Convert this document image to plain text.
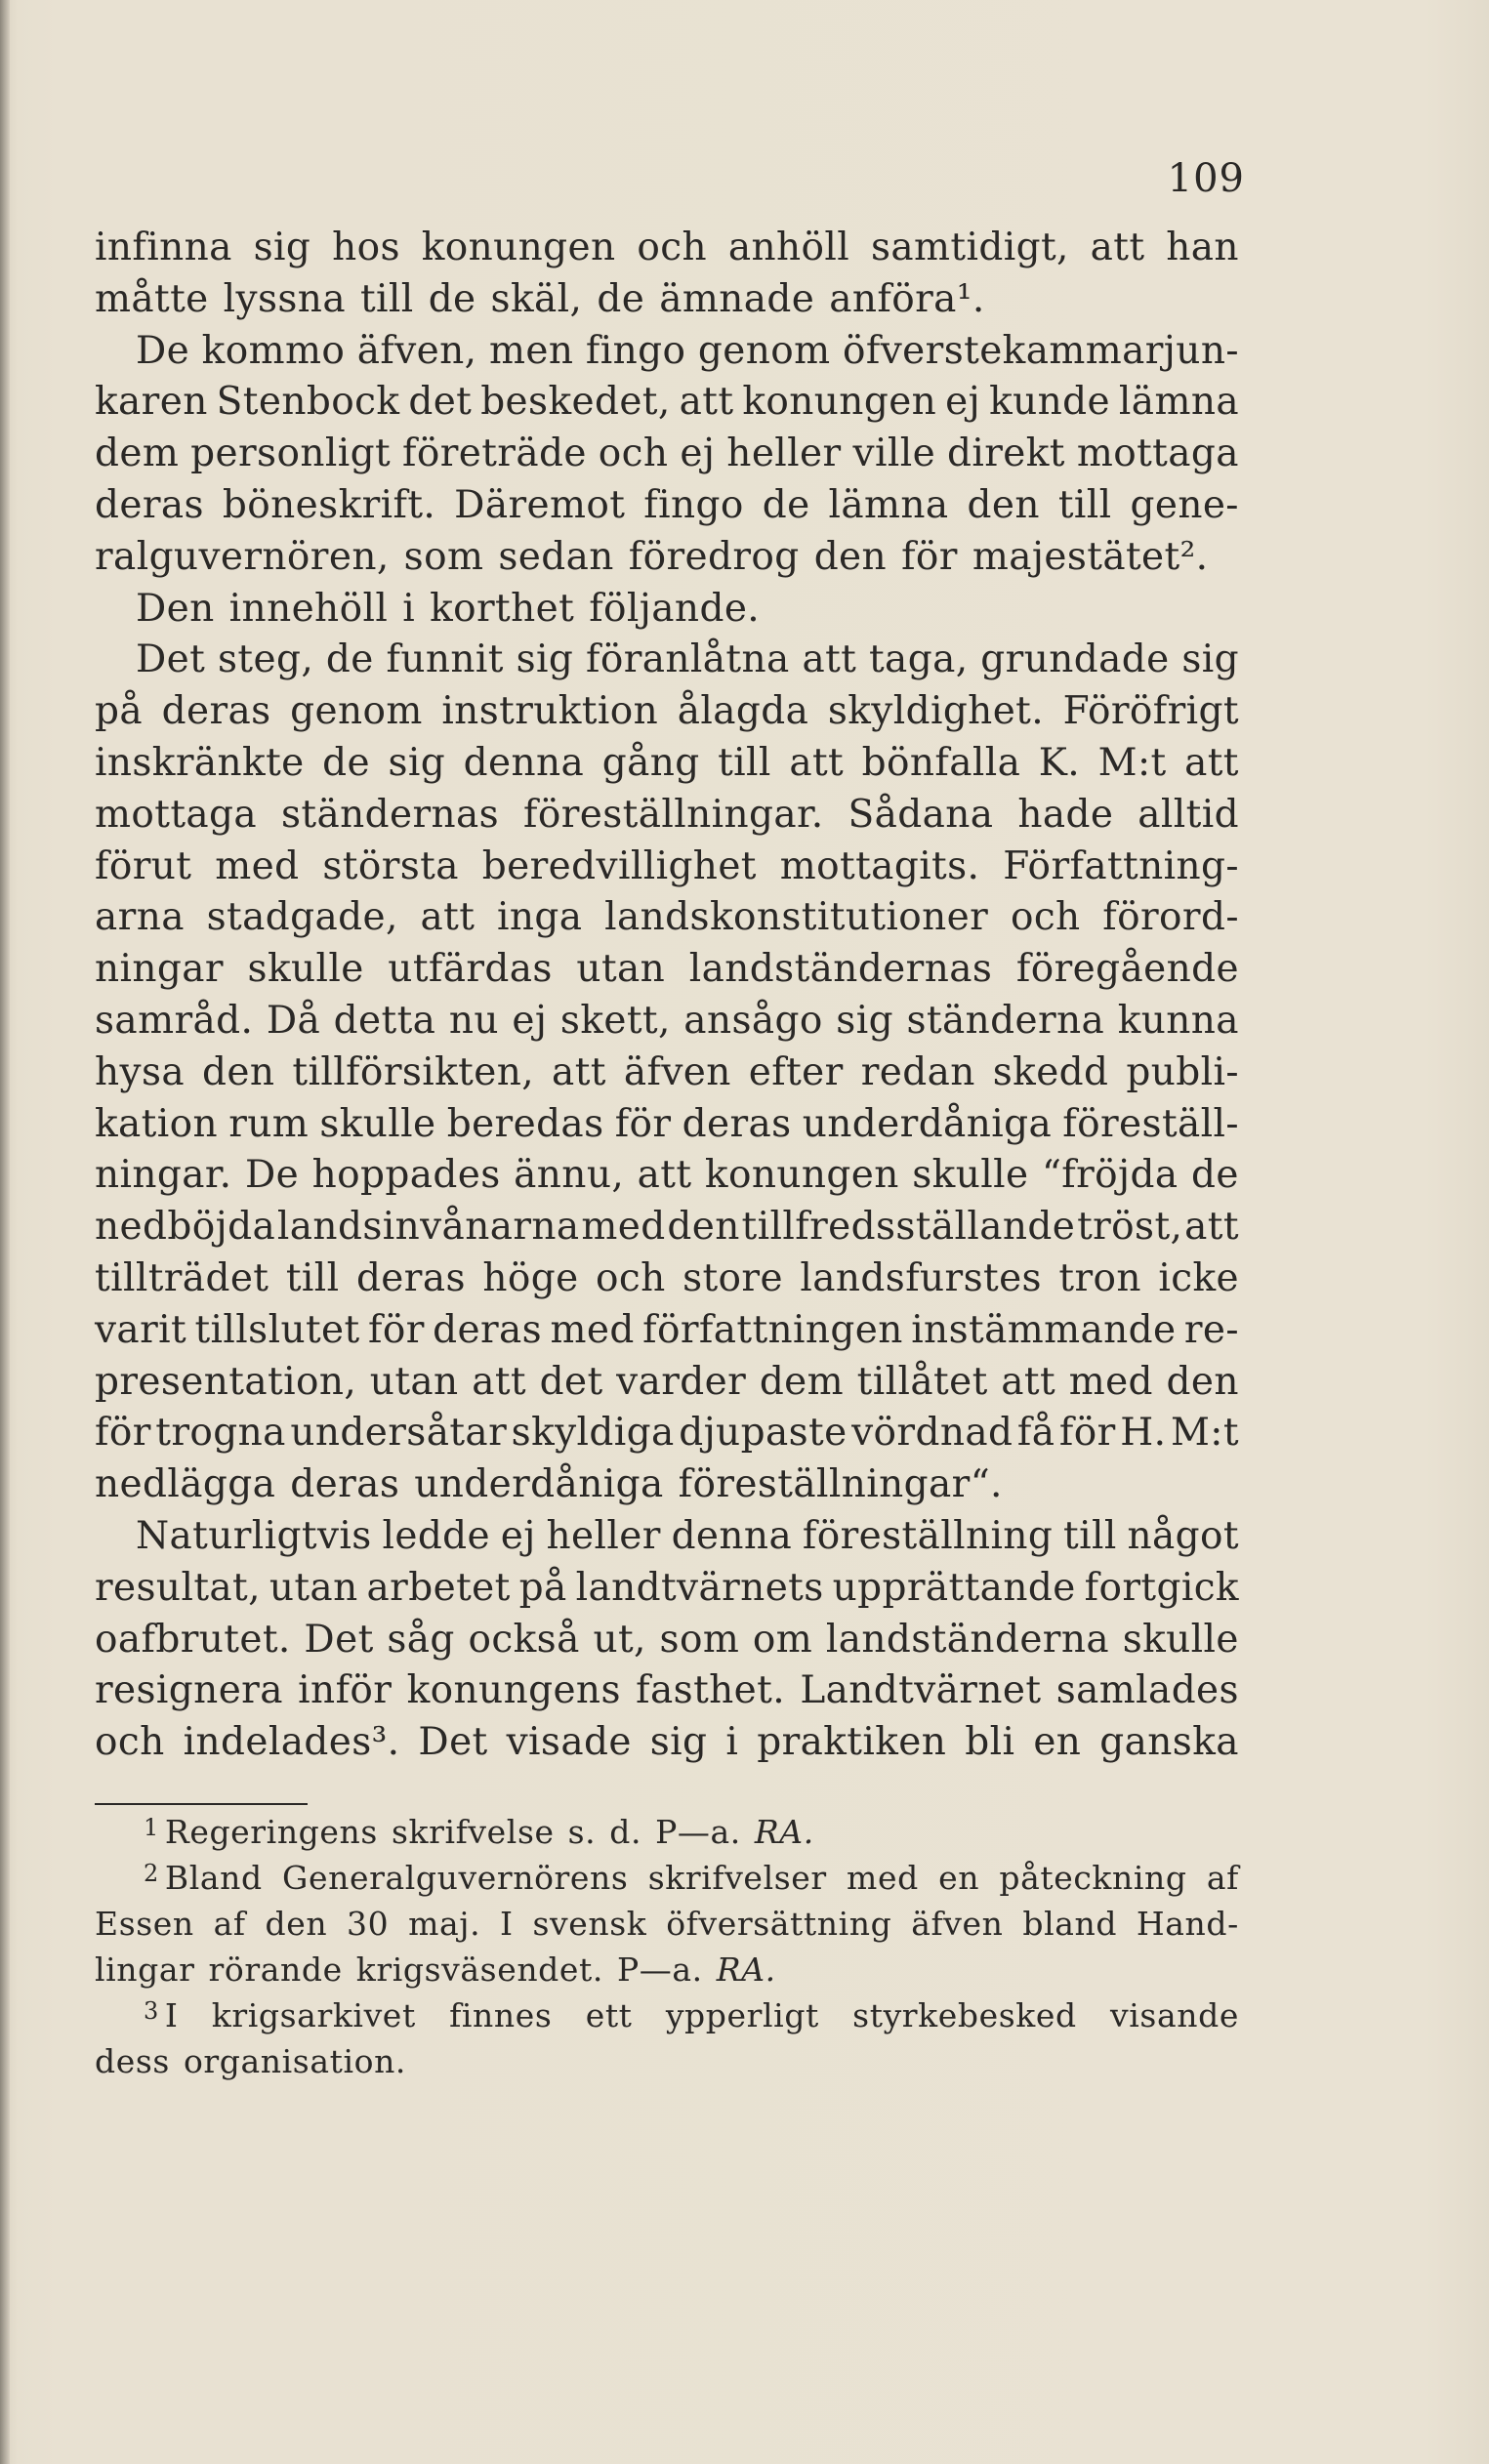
109
infinna sig hos konungen och anhöll samtidigt, att han
måtte lyssna till de skäl, de ämnade anföra¹.
De kommo äfven, men fingo genom öfverstekammarjun-
karen Stenbock det beskedet, att konungen ej kunde lämna
dem personligt företräde och ej heller ville direkt mottaga
deras böneskrift. Däremot fingo de lämna den till gene-
ralguvernören, som sedan föredrog den för majestätet².
Den innehöll i korthet följande.
Det steg, de funnit sig föranlåtna att taga, grundade sig
på deras genom instruktion ålagda skyldighet. Föröfrigt
inskränkte de sig denna gång till att bönfalla K. M:t att
mottaga ständernas föreställningar. Sådana hade alltid
förut med största beredvillighet mottagits. Författning-
arna stadgade, att inga landskonstitutioner och förord-
ningar skulle utfärdas utan landständernas föregående
samråd. Då detta nu ej skett, ansågo sig ständerna kunna
hysa den tillförsikten, att äfven efter redan skedd publi-
kation rum skulle beredas för deras underdåniga föreställ-
ningar. De hoppades ännu, att konungen skulle “fröjda de
nedböjda landsinvånarna med den tillfredsställande tröst, att
tillträdet till deras höge och store landsfurstes tron icke
varit tillslutet för deras med författningen instämmande re-
presentation, utan att det varder dem tillåtet att med den
för trogna undersåtar skyldiga djupaste vördnad få för H. M:t
nedlägga deras underdåniga föreställningar“.
Naturligtvis ledde ej heller denna föreställning till något
resultat, utan arbetet på landtvärnets upprättande fortgick
oafbrutet. Det såg också ut, som om landständerna skulle
resignera inför konungens fasthet. Landtvärnet samlades
och indelades³. Det visade sig i praktiken bli en ganska
$^1$ Regeringens skrifvelse s. d. P—a. RA.
$^2$ Bland Generalguvernörens skrifvelser med en påteckning af
Essen af den 30 maj. I svensk öfversättning äfven bland Hand-
lingar rörande krigsväsendet. P—a. RA.
$^3$ I krigsarkivet finnes ett ypperligt styrkebesked visande
dess organisation.
